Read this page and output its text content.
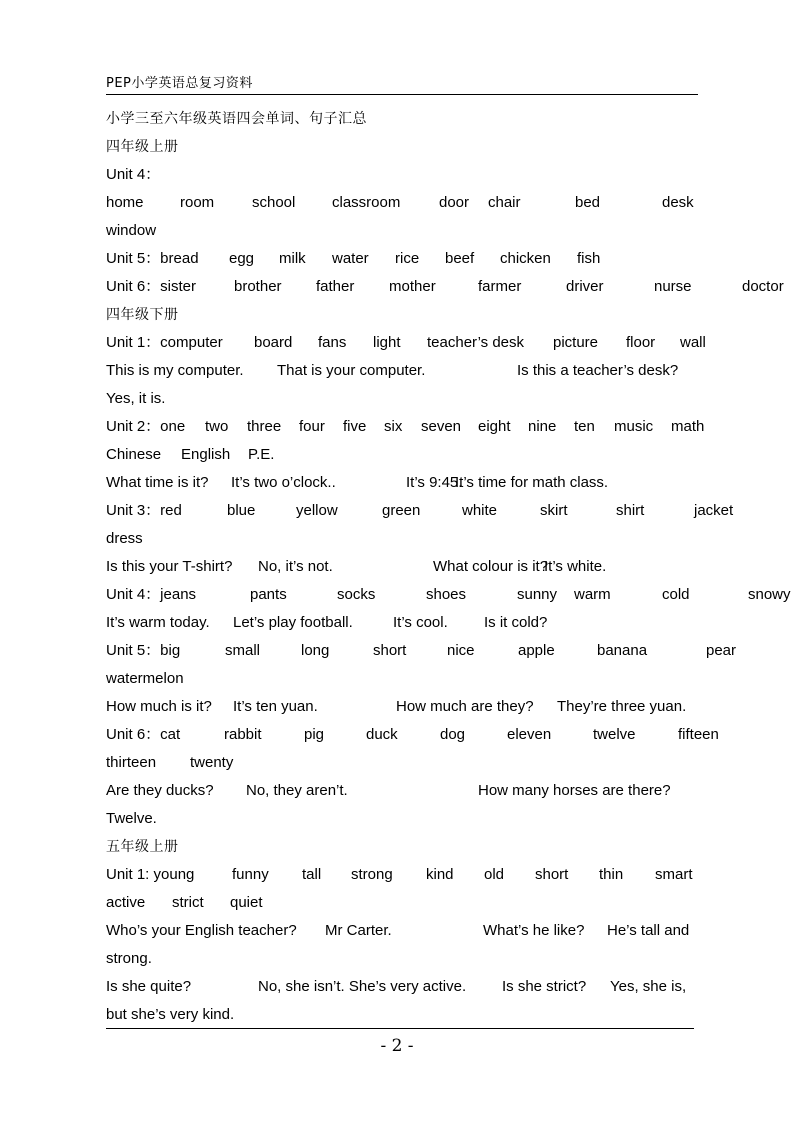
PEP小学英语总复习资料
小学三至六年级英语四会单词、句子汇总
四年级上册
Unit 4：
home room	school classroom	door chair	bed	desk
window
Unit 5：bread egg milk water rice beef chicken fish
Unit 6：sister	brother father mother	farmer	driver	nurse	doctor
四年级下册
Unit 1：computer board fans light teacher’s desk picture floor wall
This is my computer. That is your computer.	Is this a teacher’s desk?
Yes, it is.
Unit 2：one two three four five six seven eight nine ten music math
Chinese English P.E.
What time is it? It’s two o’clock..	It’s 9:45.
It’s time for math class.
Unit 3：red	blue	yellow	green	white	skirt	shirt	jacket
dress
Is this your T-shirt? No, it’s not.	What colour is it?
It’s white.
Unit 4：jeans	pants	socks	shoes	sunny warm	cold	snowy
It’s warm today. Let’s play football.	It’s cool. Is it cold?
Unit 5：big	small	long	short	nice	apple	banana	pear
watermelon
How much is it? It’s ten yuan.	How much are they? They’re three yuan.
Unit 6：cat	rabbit	pig	duck	dog	eleven	twelve	fifteen
thirteen twenty
Are they ducks? No, they aren’t.	How many horses are there?
Twelve.
五年级上册
Unit 1: young	funny tall strong kind old short thin smart
active strict quiet
Who’s your English teacher? Mr Carter.	What’s he like? He’s tall and
strong.
Is she quite?	No, she isn’t. She’s very active. Is she strict? Yes, she is,
but she’s very kind.
- 2 -
